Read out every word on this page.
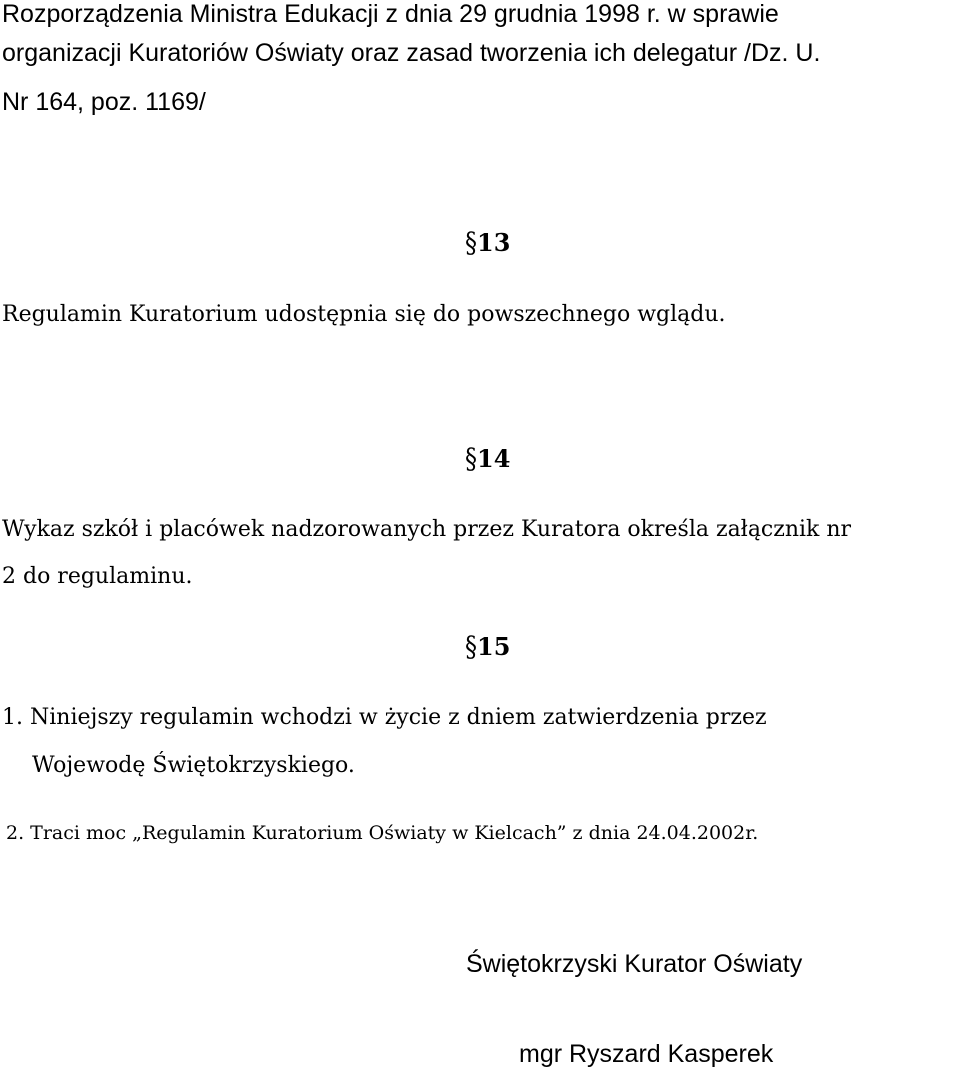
Rozporządzenia Ministra Edukacji z dnia 29 grudnia 1998 r. w sprawie

organizacji Kuratoriów Oświaty oraz zasad tworzenia ich delegatur /Dz. U.

Nr 164, poz. 1169/

§13

Regulamin Kuratorium udostępnia się do powszechnego wglądu.

§14

Wykaz szkół i placówek nadzorowanych przez Kuratora określa załącznik nr

2 do regulaminu.

§15

1. Niniejszy regulamin wchodzi w życie z dniem zatwierdzenia przez

Wojewodę Świętokrzyskiego.

2. Traci moc „Regulamin Kuratorium Oświaty w Kielcach” z dnia 24.04.2002r.

Świętokrzyski Kurator Oświaty

mgr Ryszard Kasperek
